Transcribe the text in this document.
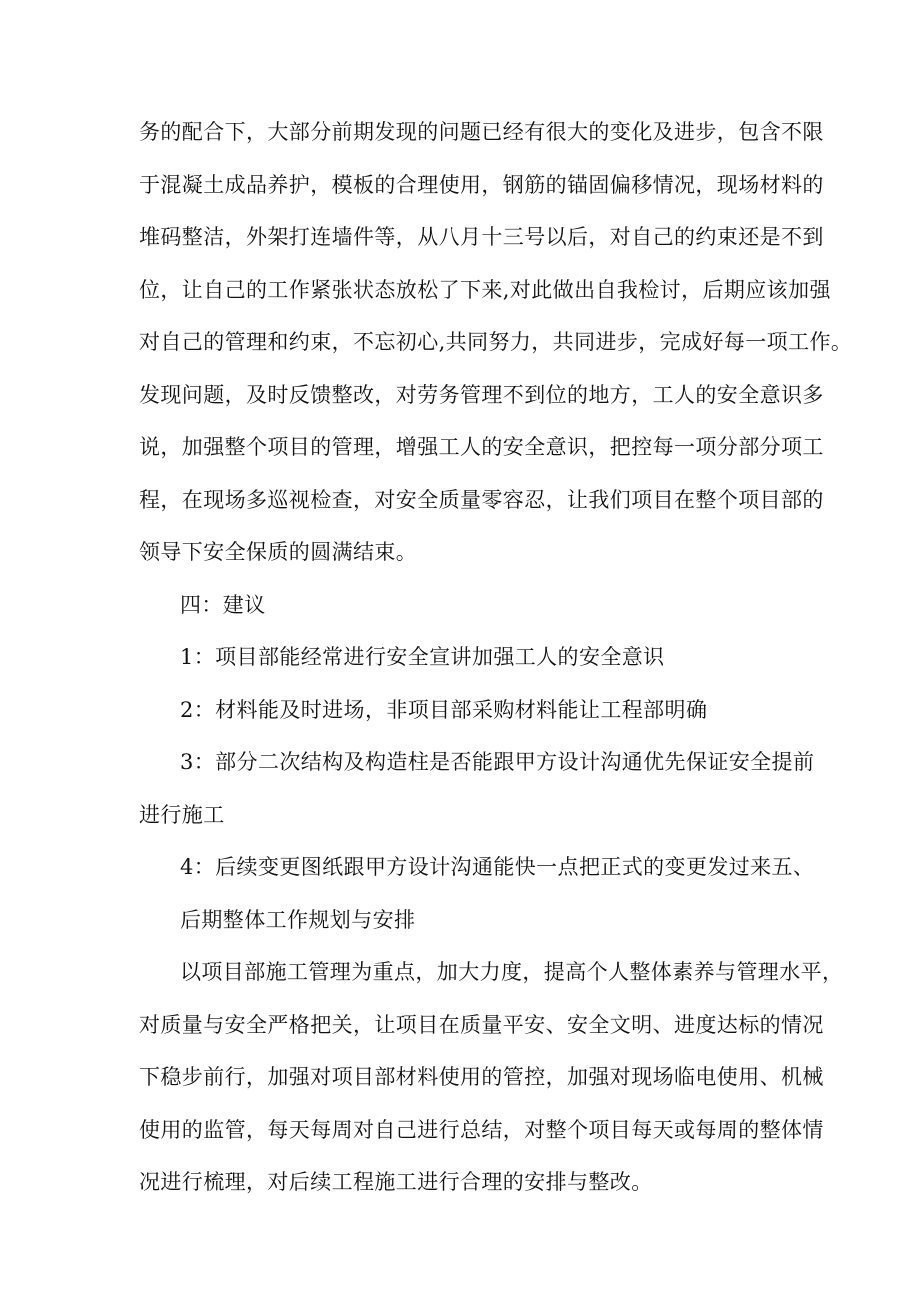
务的配合下，大部分前期发现的问题已经有很大的变化及进步，包含不限
于混凝土成品养护，模板的合理使用，钢筋的锚固偏移情况，现场材料的
堆码整洁，外架打连墙件等，从八月十三号以后，对自己的约束还是不到
位，让自己的工作紧张状态放松了下来,对此做出自我检讨，后期应该加强
对自己的管理和约束，不忘初心,共同努力，共同进步，完成好每一项工作。
发现问题，及时反馈整改，对劳务管理不到位的地方，工人的安全意识多
说，加强整个项目的管理，增强工人的安全意识，把控每一项分部分项工
程，在现场多巡视检查，对安全质量零容忍，让我们项目在整个项目部的
领导下安全保质的圆满结束。
四：建议
1：项目部能经常进行安全宣讲加强工人的安全意识
2：材料能及时进场，非项目部采购材料能让工程部明确
3：部分二次结构及构造柱是否能跟甲方设计沟通优先保证安全提前
进行施工
4：后续变更图纸跟甲方设计沟通能快一点把正式的变更发过来五、
后期整体工作规划与安排
以项目部施工管理为重点，加大力度，提高个人整体素养与管理水平，
对质量与安全严格把关，让项目在质量平安、安全文明、进度达标的情况
下稳步前行，加强对项目部材料使用的管控，加强对现场临电使用、机械
使用的监管，每天每周对自己进行总结，对整个项目每天或每周的整体情
况进行梳理，对后续工程施工进行合理的安排与整改。
